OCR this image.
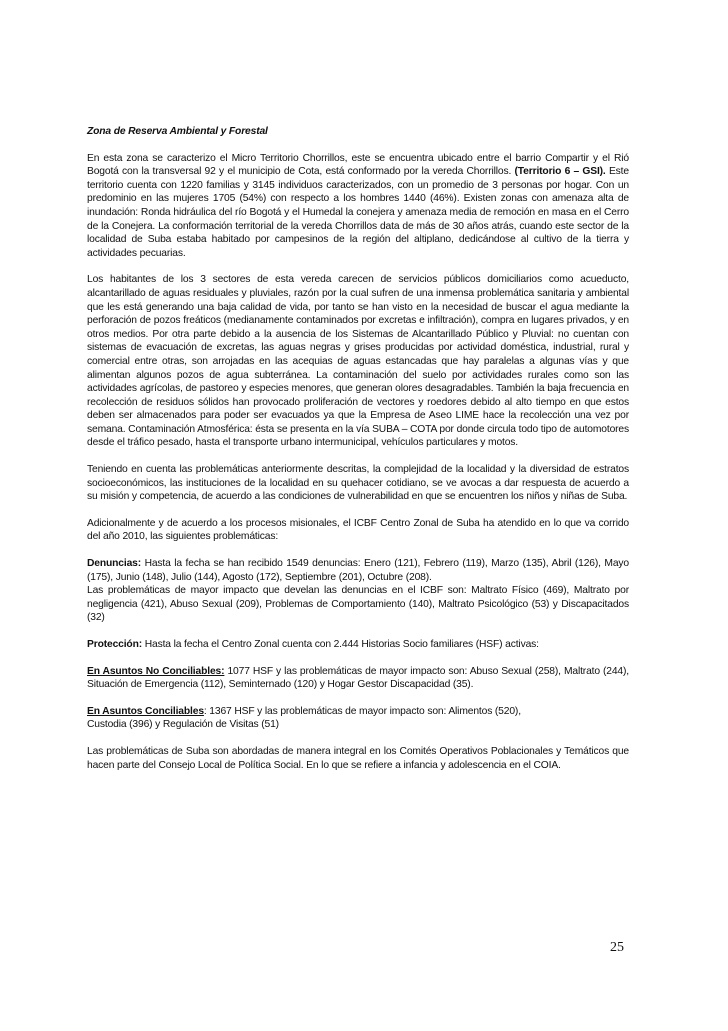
Zona de Reserva Ambiental y Forestal

En esta zona se caracterizo el Micro Territorio Chorrillos, este se encuentra ubicado entre el barrio Compartir y el Rió Bogotá con la transversal 92 y el municipio de Cota, está conformado por la vereda Chorrillos. (Territorio 6 – GSI). Este territorio cuenta con 1220 familias y 3145 individuos caracterizados, con un promedio de 3 personas por hogar. Con un predominio en las mujeres 1705 (54%) con respecto a los hombres 1440 (46%). Existen zonas con amenaza alta de inundación: Ronda hidráulica del río Bogotá y el Humedal la conejera y amenaza media de remoción en masa en el Cerro de la Conejera. La conformación territorial de la vereda Chorrillos data de más de 30 años atrás, cuando este sector de la localidad de Suba estaba habitado por campesinos de la región del altiplano, dedicándose al cultivo de la tierra y actividades pecuarias.

Los habitantes de los 3 sectores de esta vereda carecen de servicios públicos domiciliarios como acueducto, alcantarillado de aguas residuales y pluviales, razón por la cual sufren de una inmensa problemática sanitaria y ambiental que les está generando una baja calidad de vida, por tanto se han visto en la necesidad de buscar el agua mediante la perforación de pozos freáticos (medianamente contaminados por excretas e infiltración), compra en lugares privados, y en otros medios. Por otra parte debido a la ausencia de los Sistemas de Alcantarillado Público y Pluvial: no cuentan con sistemas de evacuación de excretas, las aguas negras y grises producidas por actividad doméstica, industrial, rural y comercial entre otras, son arrojadas en las acequias de aguas estancadas que hay paralelas a algunas vías y que alimentan algunos pozos de agua subterránea. La contaminación del suelo por actividades rurales como son las actividades agrícolas, de pastoreo y especies menores, que generan olores desagradables. También la baja frecuencia en recolección de residuos sólidos han provocado proliferación de vectores y roedores debido al alto tiempo en que estos deben ser almacenados para poder ser evacuados ya que la Empresa de Aseo LIME hace la recolección una vez por semana. Contaminación Atmosférica: ésta se presenta en la vía SUBA – COTA por donde circula todo tipo de automotores desde el tráfico pesado, hasta el transporte urbano intermunicipal, vehículos particulares y motos.

Teniendo en cuenta las problemáticas anteriormente descritas, la complejidad de la localidad y la diversidad de estratos socioeconómicos, las instituciones de la localidad en su quehacer cotidiano, se ve avocas a dar respuesta de acuerdo a su misión y competencia, de acuerdo a las condiciones de vulnerabilidad en que se encuentren los niños y niñas de Suba.

Adicionalmente y de acuerdo a los procesos misionales, el ICBF Centro Zonal de Suba ha atendido en lo que va corrido del año 2010, las siguientes problemáticas:

Denuncias: Hasta la fecha se han recibido 1549 denuncias: Enero (121), Febrero (119), Marzo (135), Abril (126), Mayo (175), Junio (148), Julio (144), Agosto (172), Septiembre (201), Octubre (208).
Las problemáticas de mayor impacto que develan las denuncias en el ICBF son: Maltrato Físico (469), Maltrato por negligencia (421), Abuso Sexual (209), Problemas de Comportamiento (140), Maltrato Psicológico (53) y Discapacitados (32)

Protección: Hasta la fecha el Centro Zonal cuenta con 2.444 Historias Socio familiares (HSF) activas:

En Asuntos No Conciliables: 1077 HSF y las problemáticas de mayor impacto son: Abuso Sexual (258), Maltrato (244), Situación de Emergencia (112), Seminternado (120) y Hogar Gestor Discapacidad (35).

En Asuntos Conciliables: 1367 HSF y las problemáticas de mayor impacto son: Alimentos (520),
Custodia (396) y Regulación de Visitas (51)

Las problemáticas de Suba son abordadas de manera integral en los Comités Operativos Poblacionales y Temáticos que hacen parte del Consejo Local de Política Social. En lo que se refiere a infancia y adolescencia en el COIA.

25
